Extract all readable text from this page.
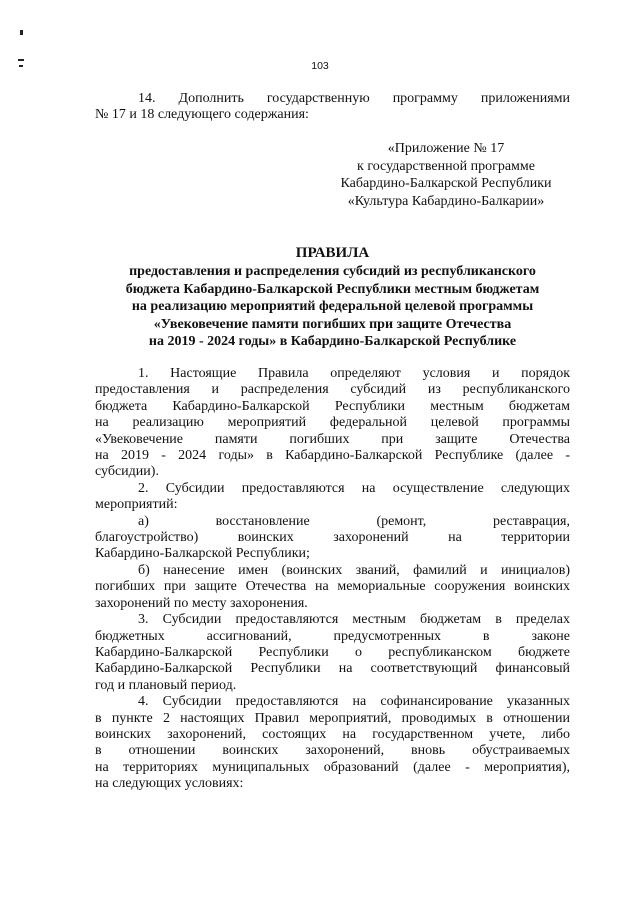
103
14. Дополнить государственную программу приложениями
№ 17 и 18 следующего содержания:
«Приложение № 17
к государственной программе
Кабардино-Балкарской Республики
«Культура Кабардино-Балкарии»
ПРАВИЛА
предоставления и распределения субсидий из республиканского
бюджета Кабардино-Балкарской Республики местным бюджетам
на реализацию мероприятий федеральной целевой программы
«Увековечение памяти погибших при защите Отечества
на 2019 - 2024 годы» в Кабардино-Балкарской Республике
1. Настоящие Правила определяют условия и порядок
предоставления и распределения субсидий из республиканского
бюджета Кабардино-Балкарской Республики местным бюджетам
на реализацию мероприятий федеральной целевой программы
«Увековечение памяти погибших при защите Отечества
на 2019 - 2024 годы» в Кабардино-Балкарской Республике (далее -
субсидии).
2. Субсидии предоставляются на осуществление следующих
мероприятий:
а) восстановление (ремонт, реставрация,
благоустройство) воинских захоронений на территории
Кабардино-Балкарской Республики;
б) нанесение имен (воинских званий, фамилий и инициалов)
погибших при защите Отечества на мемориальные сооружения воинских
захоронений по месту захоронения.
3. Субсидии предоставляются местным бюджетам в пределах
бюджетных ассигнований, предусмотренных в законе
Кабардино-Балкарской Республики о республиканском бюджете
Кабардино-Балкарской Республики на соответствующий финансовый
год и плановый период.
4. Субсидии предоставляются на софинансирование указанных
в пункте 2 настоящих Правил мероприятий, проводимых в отношении
воинских захоронений, состоящих на государственном учете, либо
в отношении воинских захоронений, вновь обустраиваемых
на территориях муниципальных образований (далее - мероприятия),
на следующих условиях:
